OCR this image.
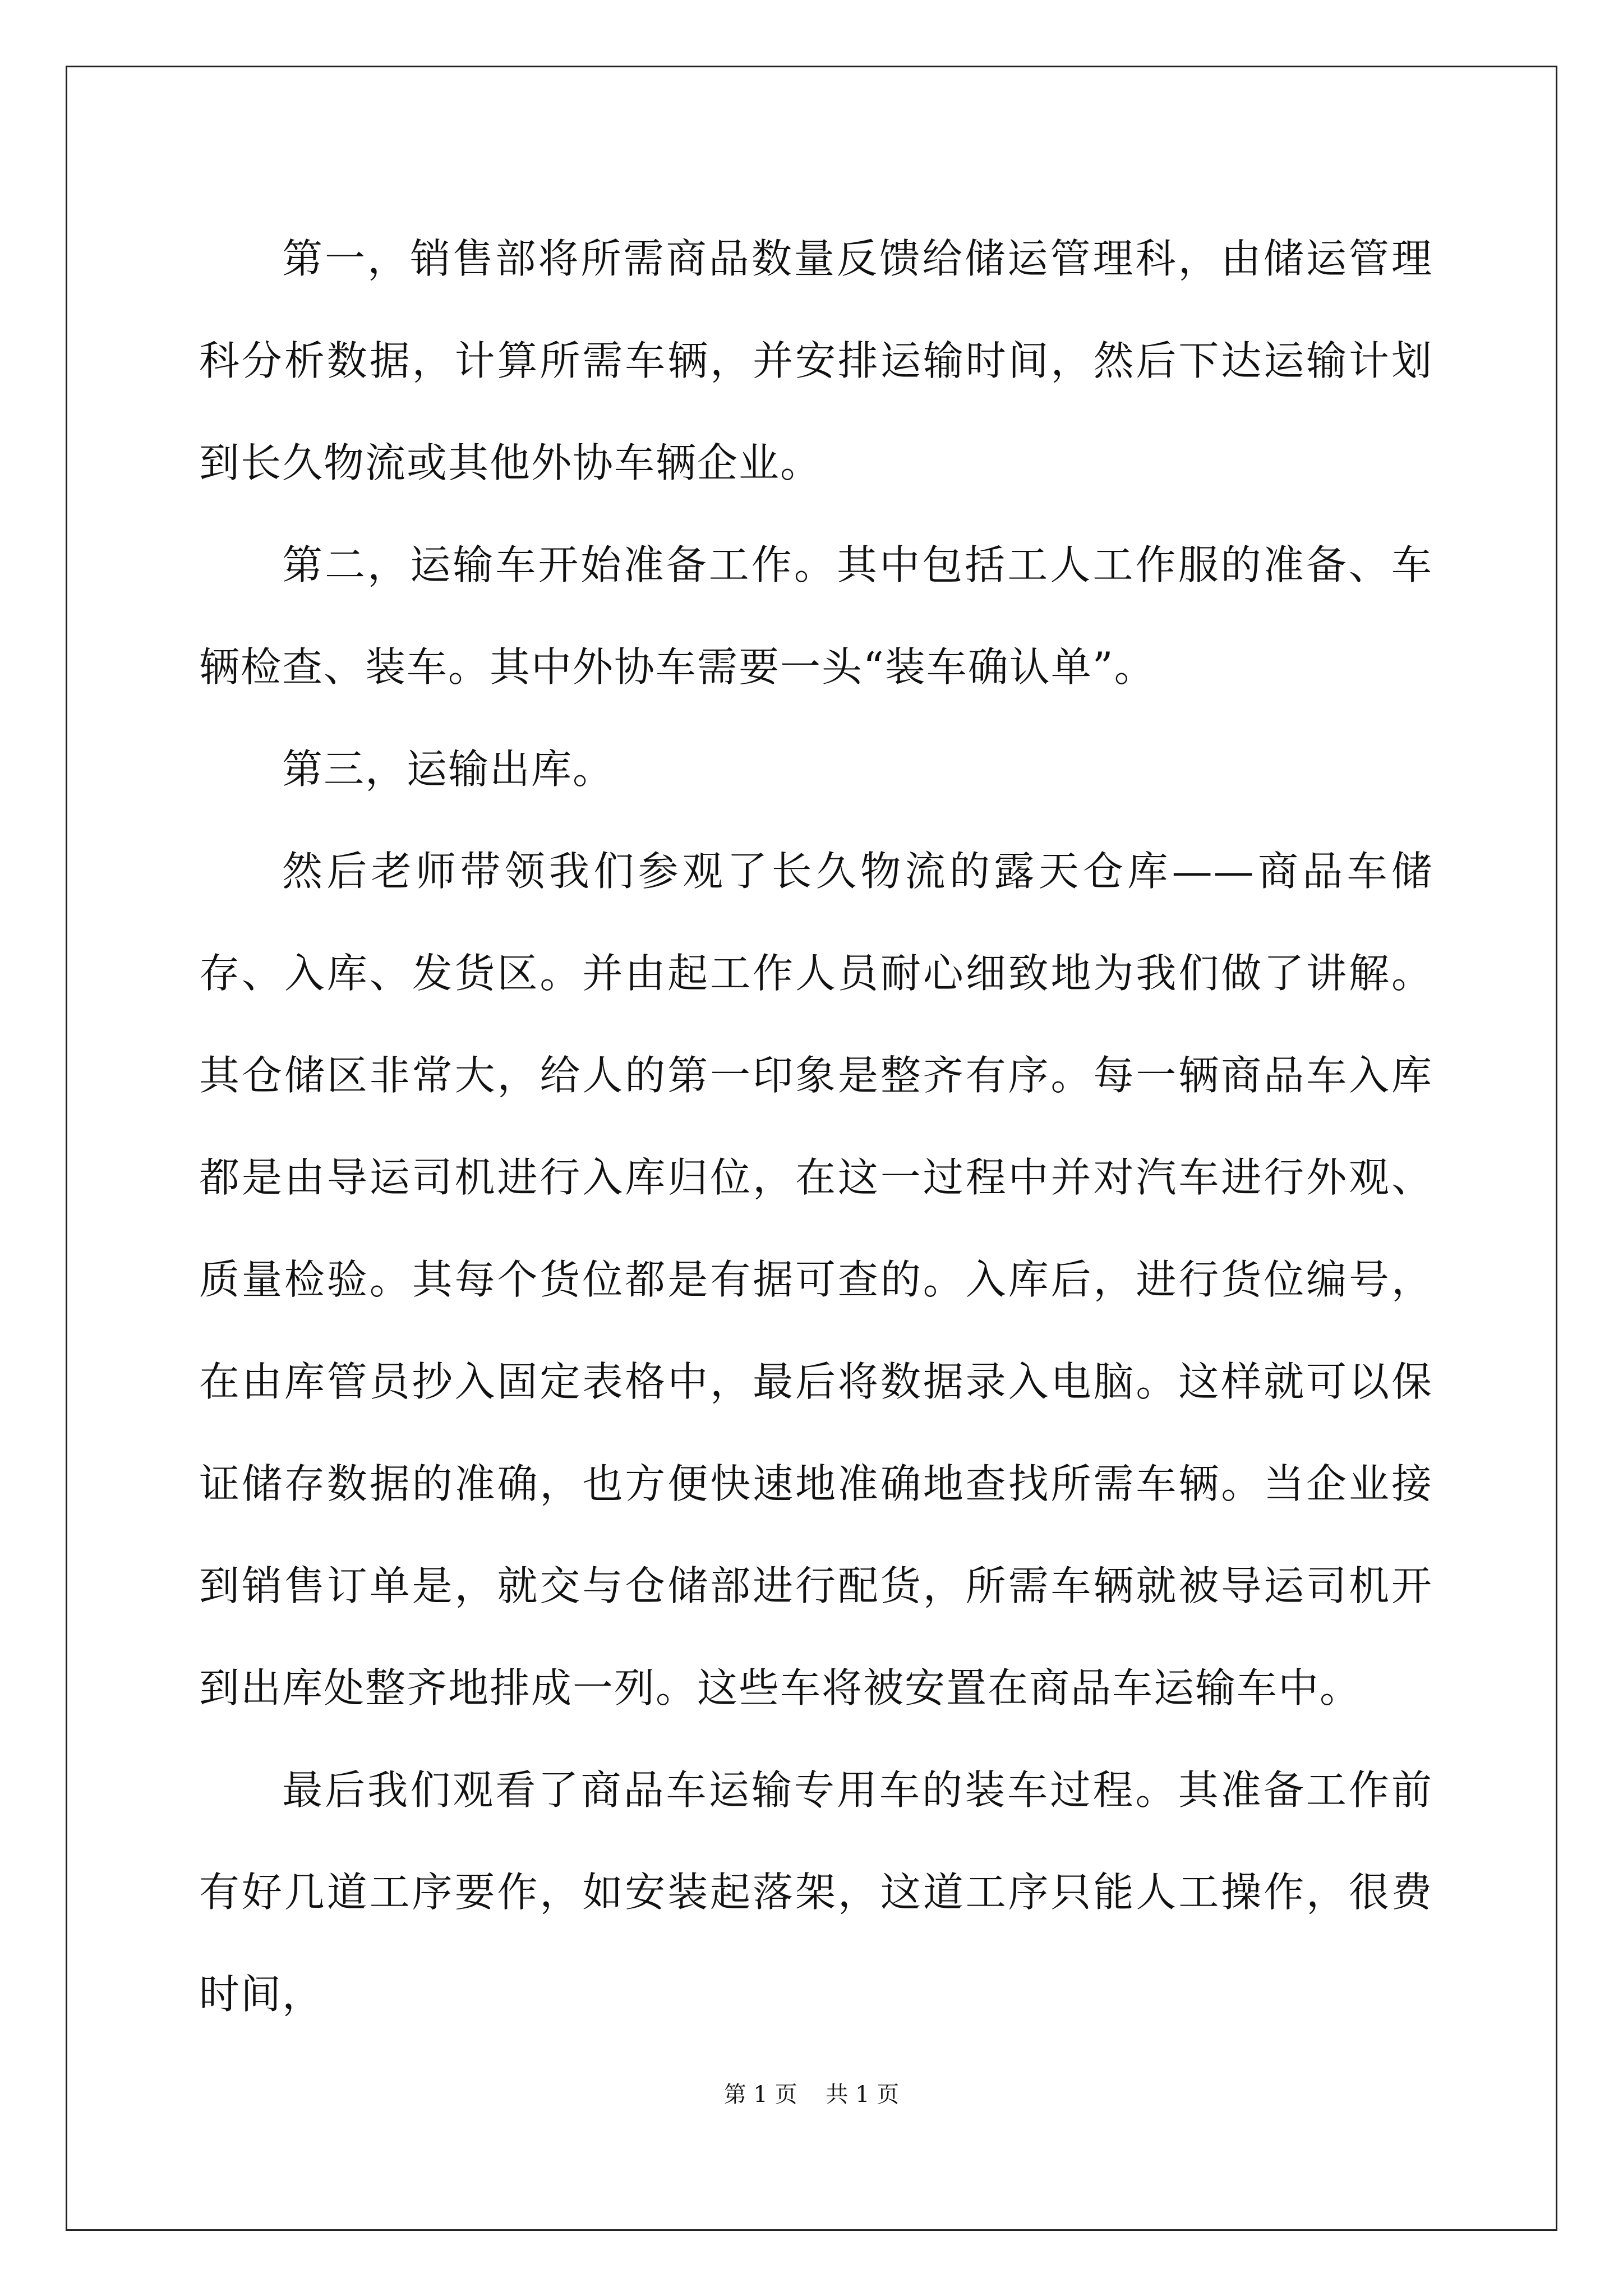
第一，销售部将所需商品数量反馈给储运管理科，由储运管理科分析数据，计算所需车辆，并安排运输时间，然后下达运输计划到长久物流或其他外协车辆企业。

第二，运输车开始准备工作。其中包括工人工作服的准备、车辆检查、装车。其中外协车需要一头“装车确认单”。

第三，运输出库。

然后老师带领我们参观了长久物流的露天仓库——商品车储存、入库、发货区。并由起工作人员耐心细致地为我们做了讲解。其仓储区非常大，给人的第一印象是整齐有序。每一辆商品车入库都是由导运司机进行入库归位，在这一过程中并对汽车进行外观、质量检验。其每个货位都是有据可查的。入库后，进行货位编号，在由库管员抄入固定表格中，最后将数据录入电脑。这样就可以保证储存数据的准确，也方便快速地准确地查找所需车辆。当企业接到销售订单是，就交与仓储部进行配货，所需车辆就被导运司机开到出库处整齐地排成一列。这些车将被安置在商品车运输车中。

最后我们观看了商品车运输专用车的装车过程。其准备工作前有好几道工序要作，如安装起落架，这道工序只能人工操作，很费时间，

第 1 页    共 1 页
